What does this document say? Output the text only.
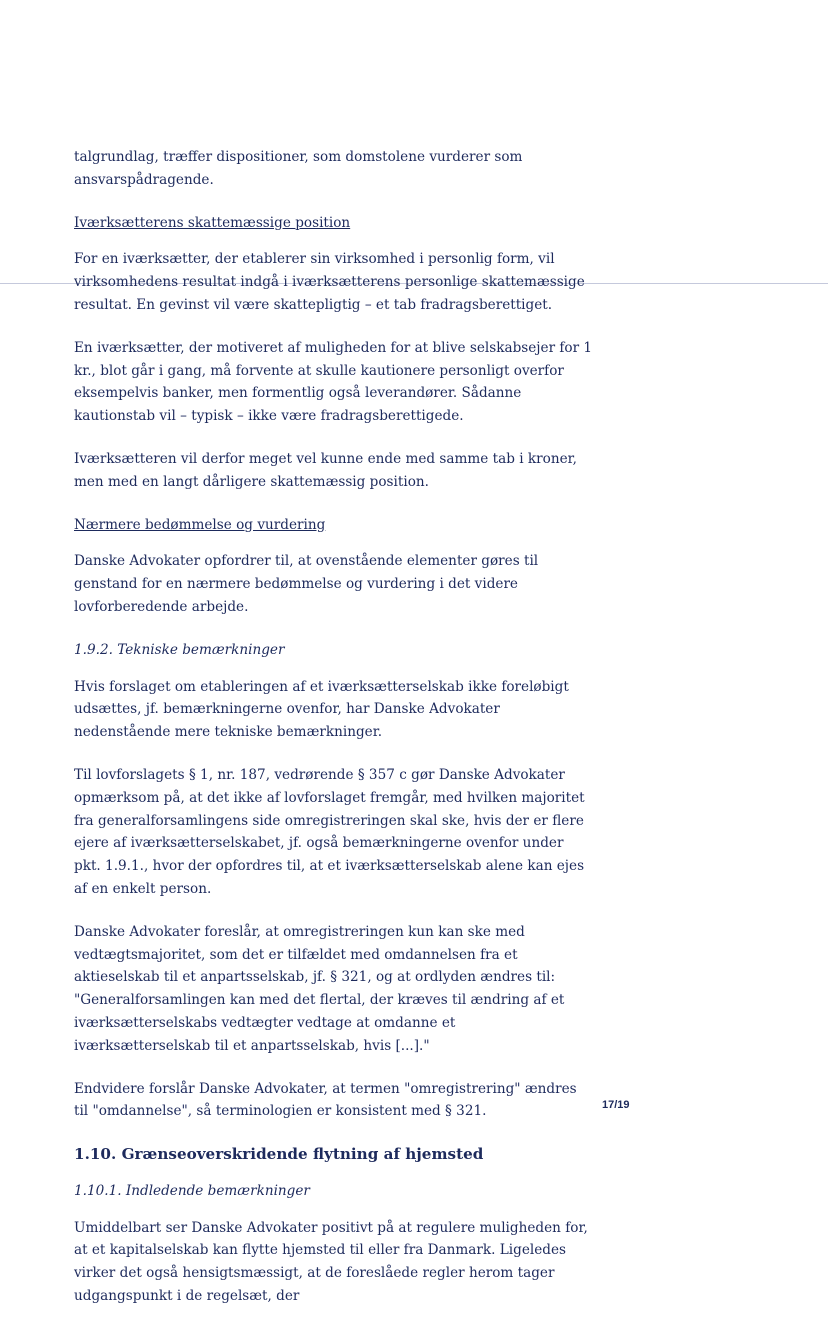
talgrundlag, træffer dispositioner, som domstolene vurderer som ansvarspådragende.

Iværksætterens skattemæssige position

For en iværksætter, der etablerer sin virksomhed i personlig form, vil virksomhedens resultat indgå i iværksætterens personlige skattemæssige resultat. En gevinst vil være skattepligtig – et tab fradragsberettiget.

En iværksætter, der motiveret af muligheden for at blive selskabsejer for 1 kr., blot går i gang, må forvente at skulle kautionere personligt overfor eksempelvis banker, men formentlig også leverandører. Sådanne kautionstab vil – typisk – ikke være fradragsberettigede.

Iværksætteren vil derfor meget vel kunne ende med samme tab i kroner, men med en langt dårligere skattemæssig position.

Nærmere bedømmelse og vurdering

Danske Advokater opfordrer til, at ovenstående elementer gøres til genstand for en nærmere bedømmelse og vurdering i det videre lovforberedende arbejde.

1.9.2. Tekniske bemærkninger

Hvis forslaget om etableringen af et iværksætterselskab ikke foreløbigt udsættes, jf. bemærkningerne ovenfor, har Danske Advokater nedenstående mere tekniske bemærkninger.

Til lovforslagets § 1, nr. 187, vedrørende § 357 c gør Danske Advokater opmærksom på, at det ikke af lovforslaget fremgår, med hvilken majoritet fra generalforsamlingens side omregistreringen skal ske, hvis der er flere ejere af iværksætterselskabet, jf. også bemærkningerne ovenfor under pkt. 1.9.1., hvor der opfordres til, at et iværksætterselskab alene kan ejes af en enkelt person.

Danske Advokater foreslår, at omregistreringen kun kan ske med vedtægtsmajoritet, som det er tilfældet med omdannelsen fra et aktieselskab til et anpartsselskab, jf. § 321, og at ordlyden ændres til: "Generalforsamlingen kan med det flertal, der kræves til ændring af et iværksætterselskabs vedtægter vedtage at omdanne et iværksætterselskab til et anpartsselskab, hvis [...]."

Endvidere forslår Danske Advokater, at termen "omregistrering" ændres til "omdannelse", så terminologien er konsistent med § 321.

1.10. Grænseoverskridende flytning af hjemsted

1.10.1. Indledende bemærkninger

Umiddelbart ser Danske Advokater positivt på at regulere muligheden for, at et kapitalselskab kan flytte hjemsted til eller fra Danmark. Ligeledes virker det også hensigtsmæssigt, at de foreslåede regler herom tager udgangspunkt i de regelsæt, der

17/19
